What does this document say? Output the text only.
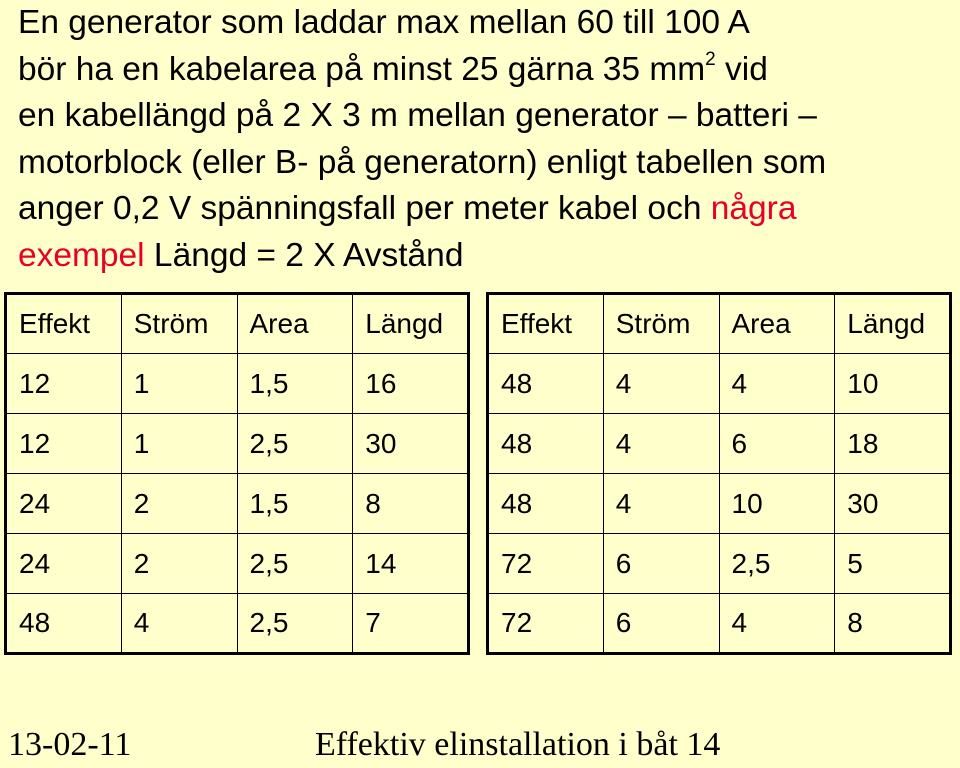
En generator som laddar max mellan 60 till 100 A
bör ha en kabelarea på minst 25 gärna 35 $mm^2$ vid
en kabellängd på 2 X 3 m mellan generator – batteri –
motorblock (eller B- på generatorn) enligt tabellen som
anger 0,2 V spänningsfall per meter kabel och några
exempel Längd = 2 X Avstånd
Effekt	Ström	Area	Längd
12	1	1,5	16
12	1	2,5	30
24	2	1,5	8
24	2	2,5	14
48	4	2,5	7
Effekt	Ström	Area	Längd
48	4	4	10
48	4	6	18
48	4	10	30
72	6	2,5	5
72	6	4	8
13-02-11	Effektiv elinstallation i båt 14
